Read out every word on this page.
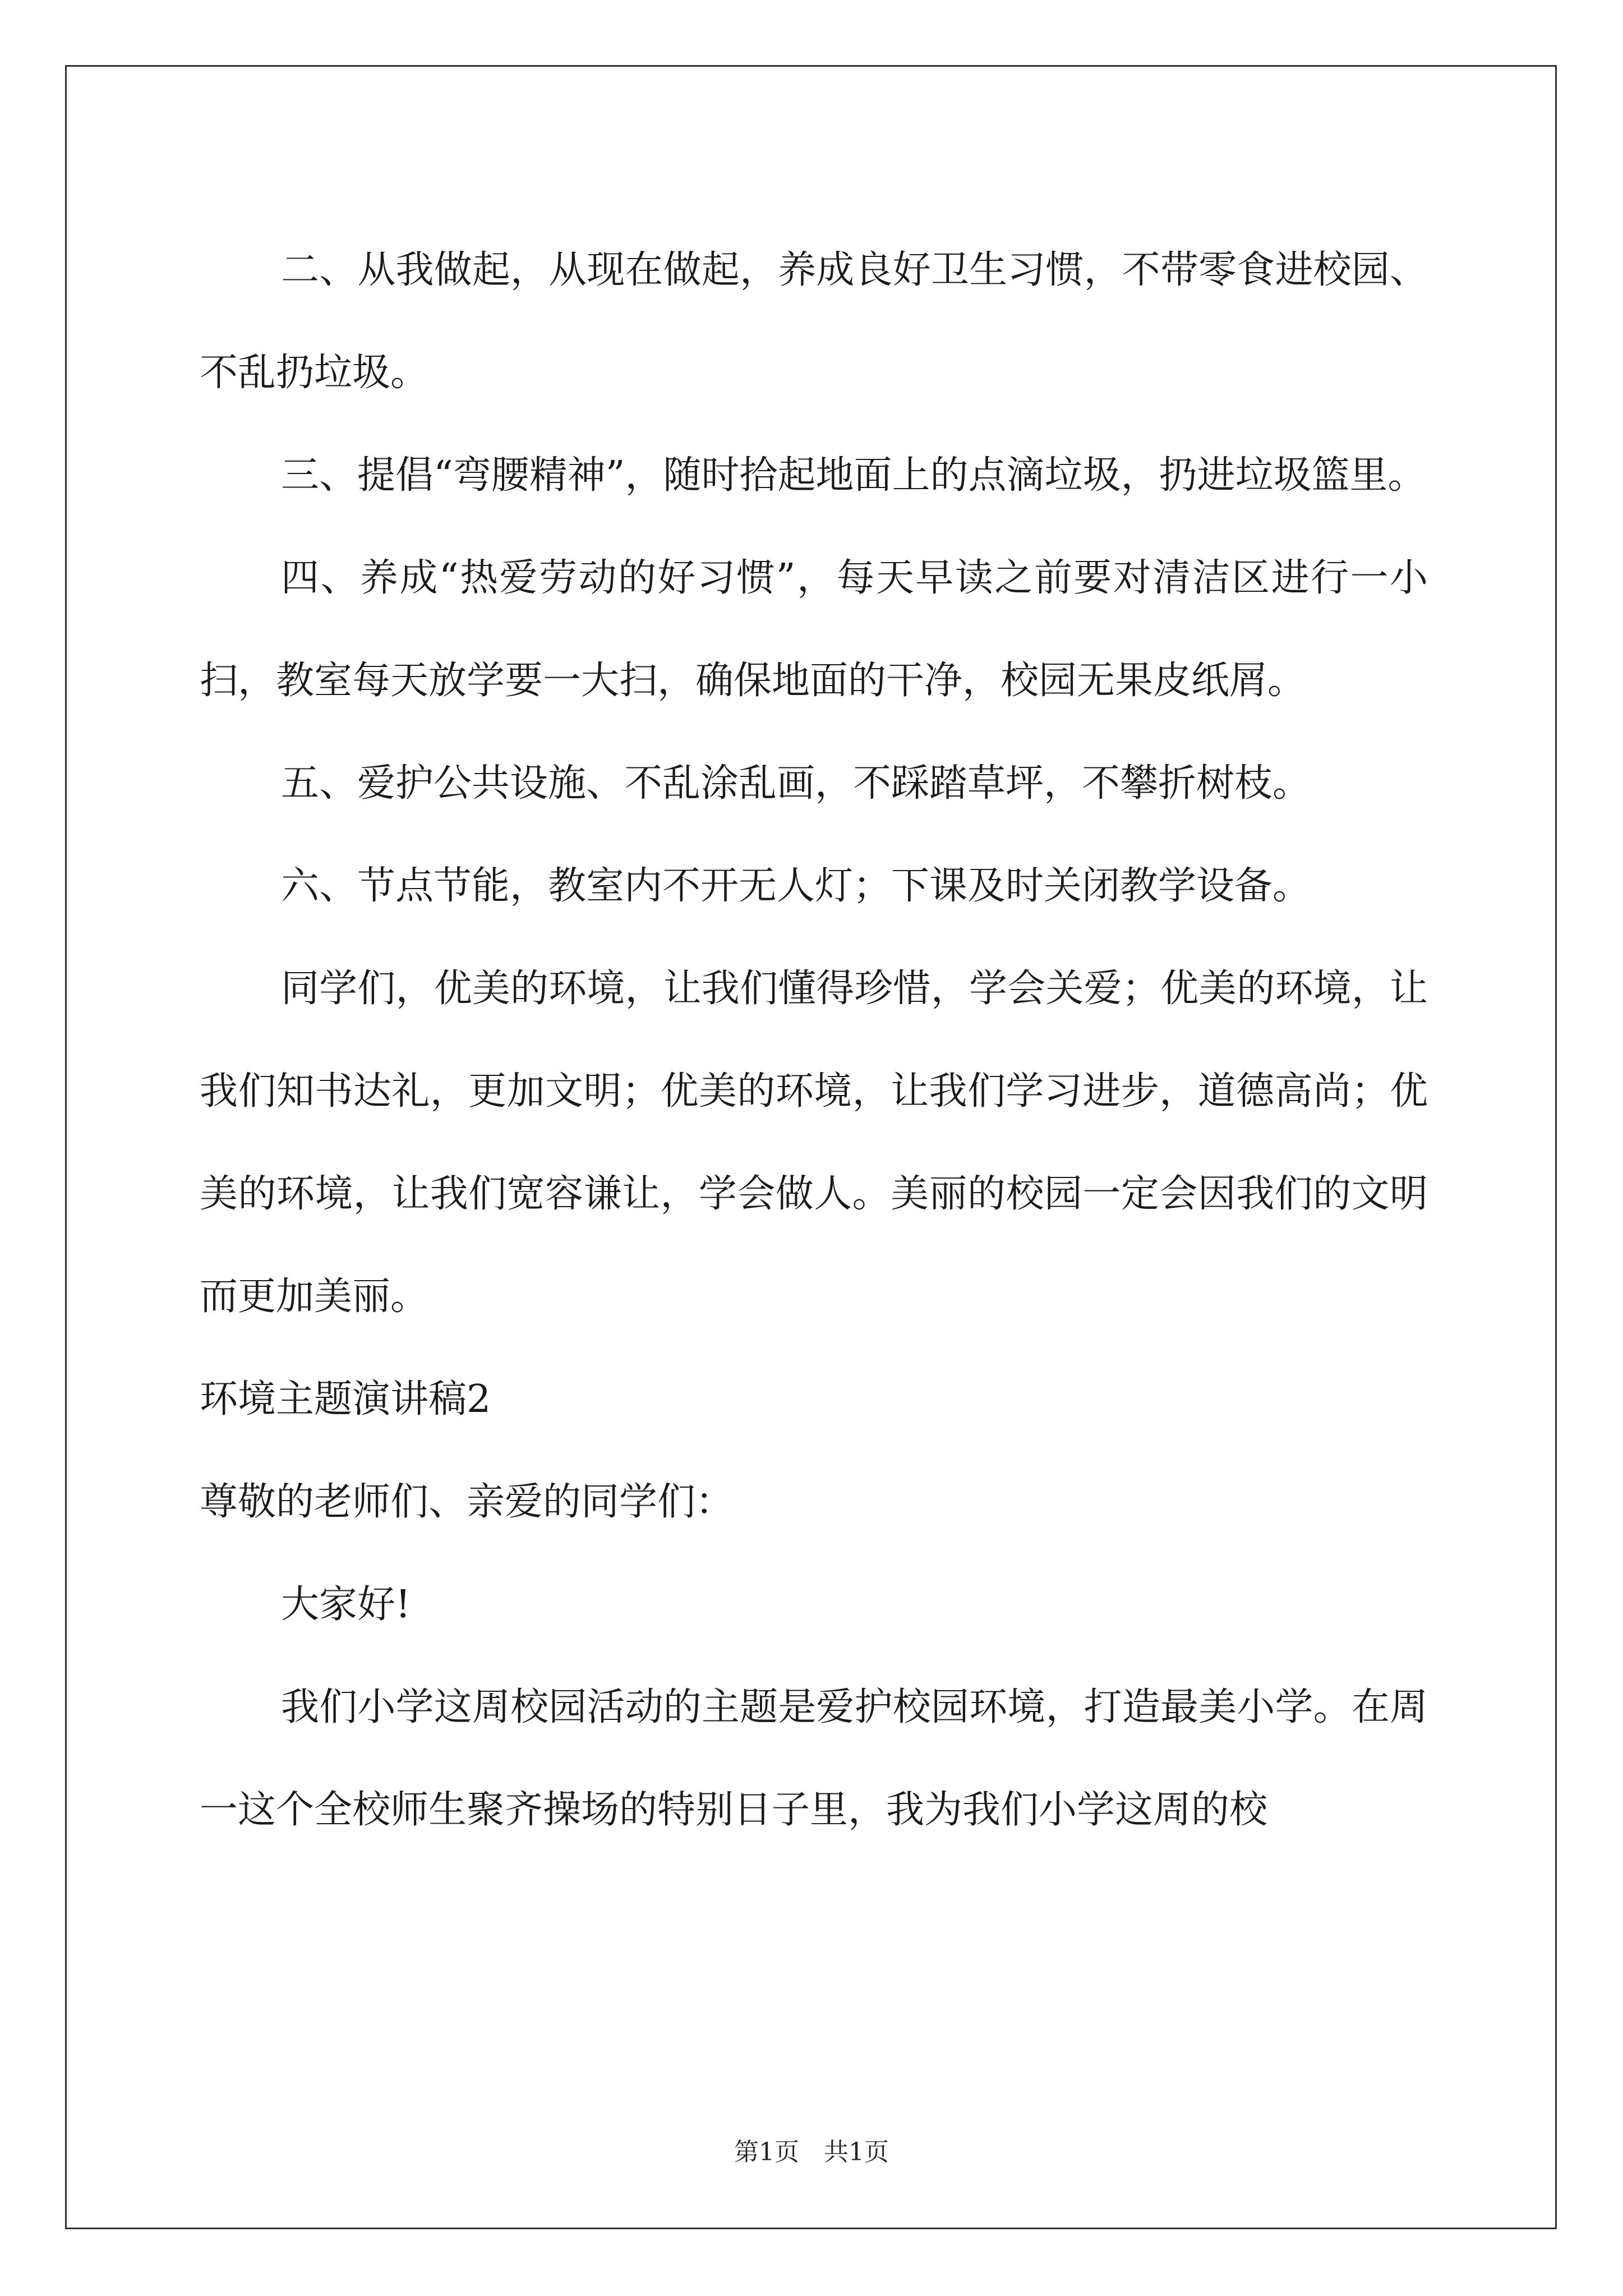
二、从我做起，从现在做起，养成良好卫生习惯，不带零食进校园、不乱扔垃圾。

三、提倡“弯腰精神”，随时拾起地面上的点滴垃圾，扔进垃圾篮里。

四、养成“热爱劳动的好习惯”，每天早读之前要对清洁区进行一小扫，教室每天放学要一大扫，确保地面的干净，校园无果皮纸屑。

五、爱护公共设施、不乱涂乱画，不踩踏草坪，不攀折树枝。

六、节点节能，教室内不开无人灯；下课及时关闭教学设备。

同学们，优美的环境，让我们懂得珍惜，学会关爱；优美的环境，让我们知书达礼，更加文明；优美的环境，让我们学习进步，道德高尚；优美的环境，让我们宽容谦让，学会做人。美丽的校园一定会因我们的文明而更加美丽。

环境主题演讲稿2

尊敬的老师们、亲爱的同学们：

大家好!

我们小学这周校园活动的主题是爱护校园环境，打造最美小学。在周一这个全校师生聚齐操场的特别日子里，我为我们小学这周的校

第1页　共1页
